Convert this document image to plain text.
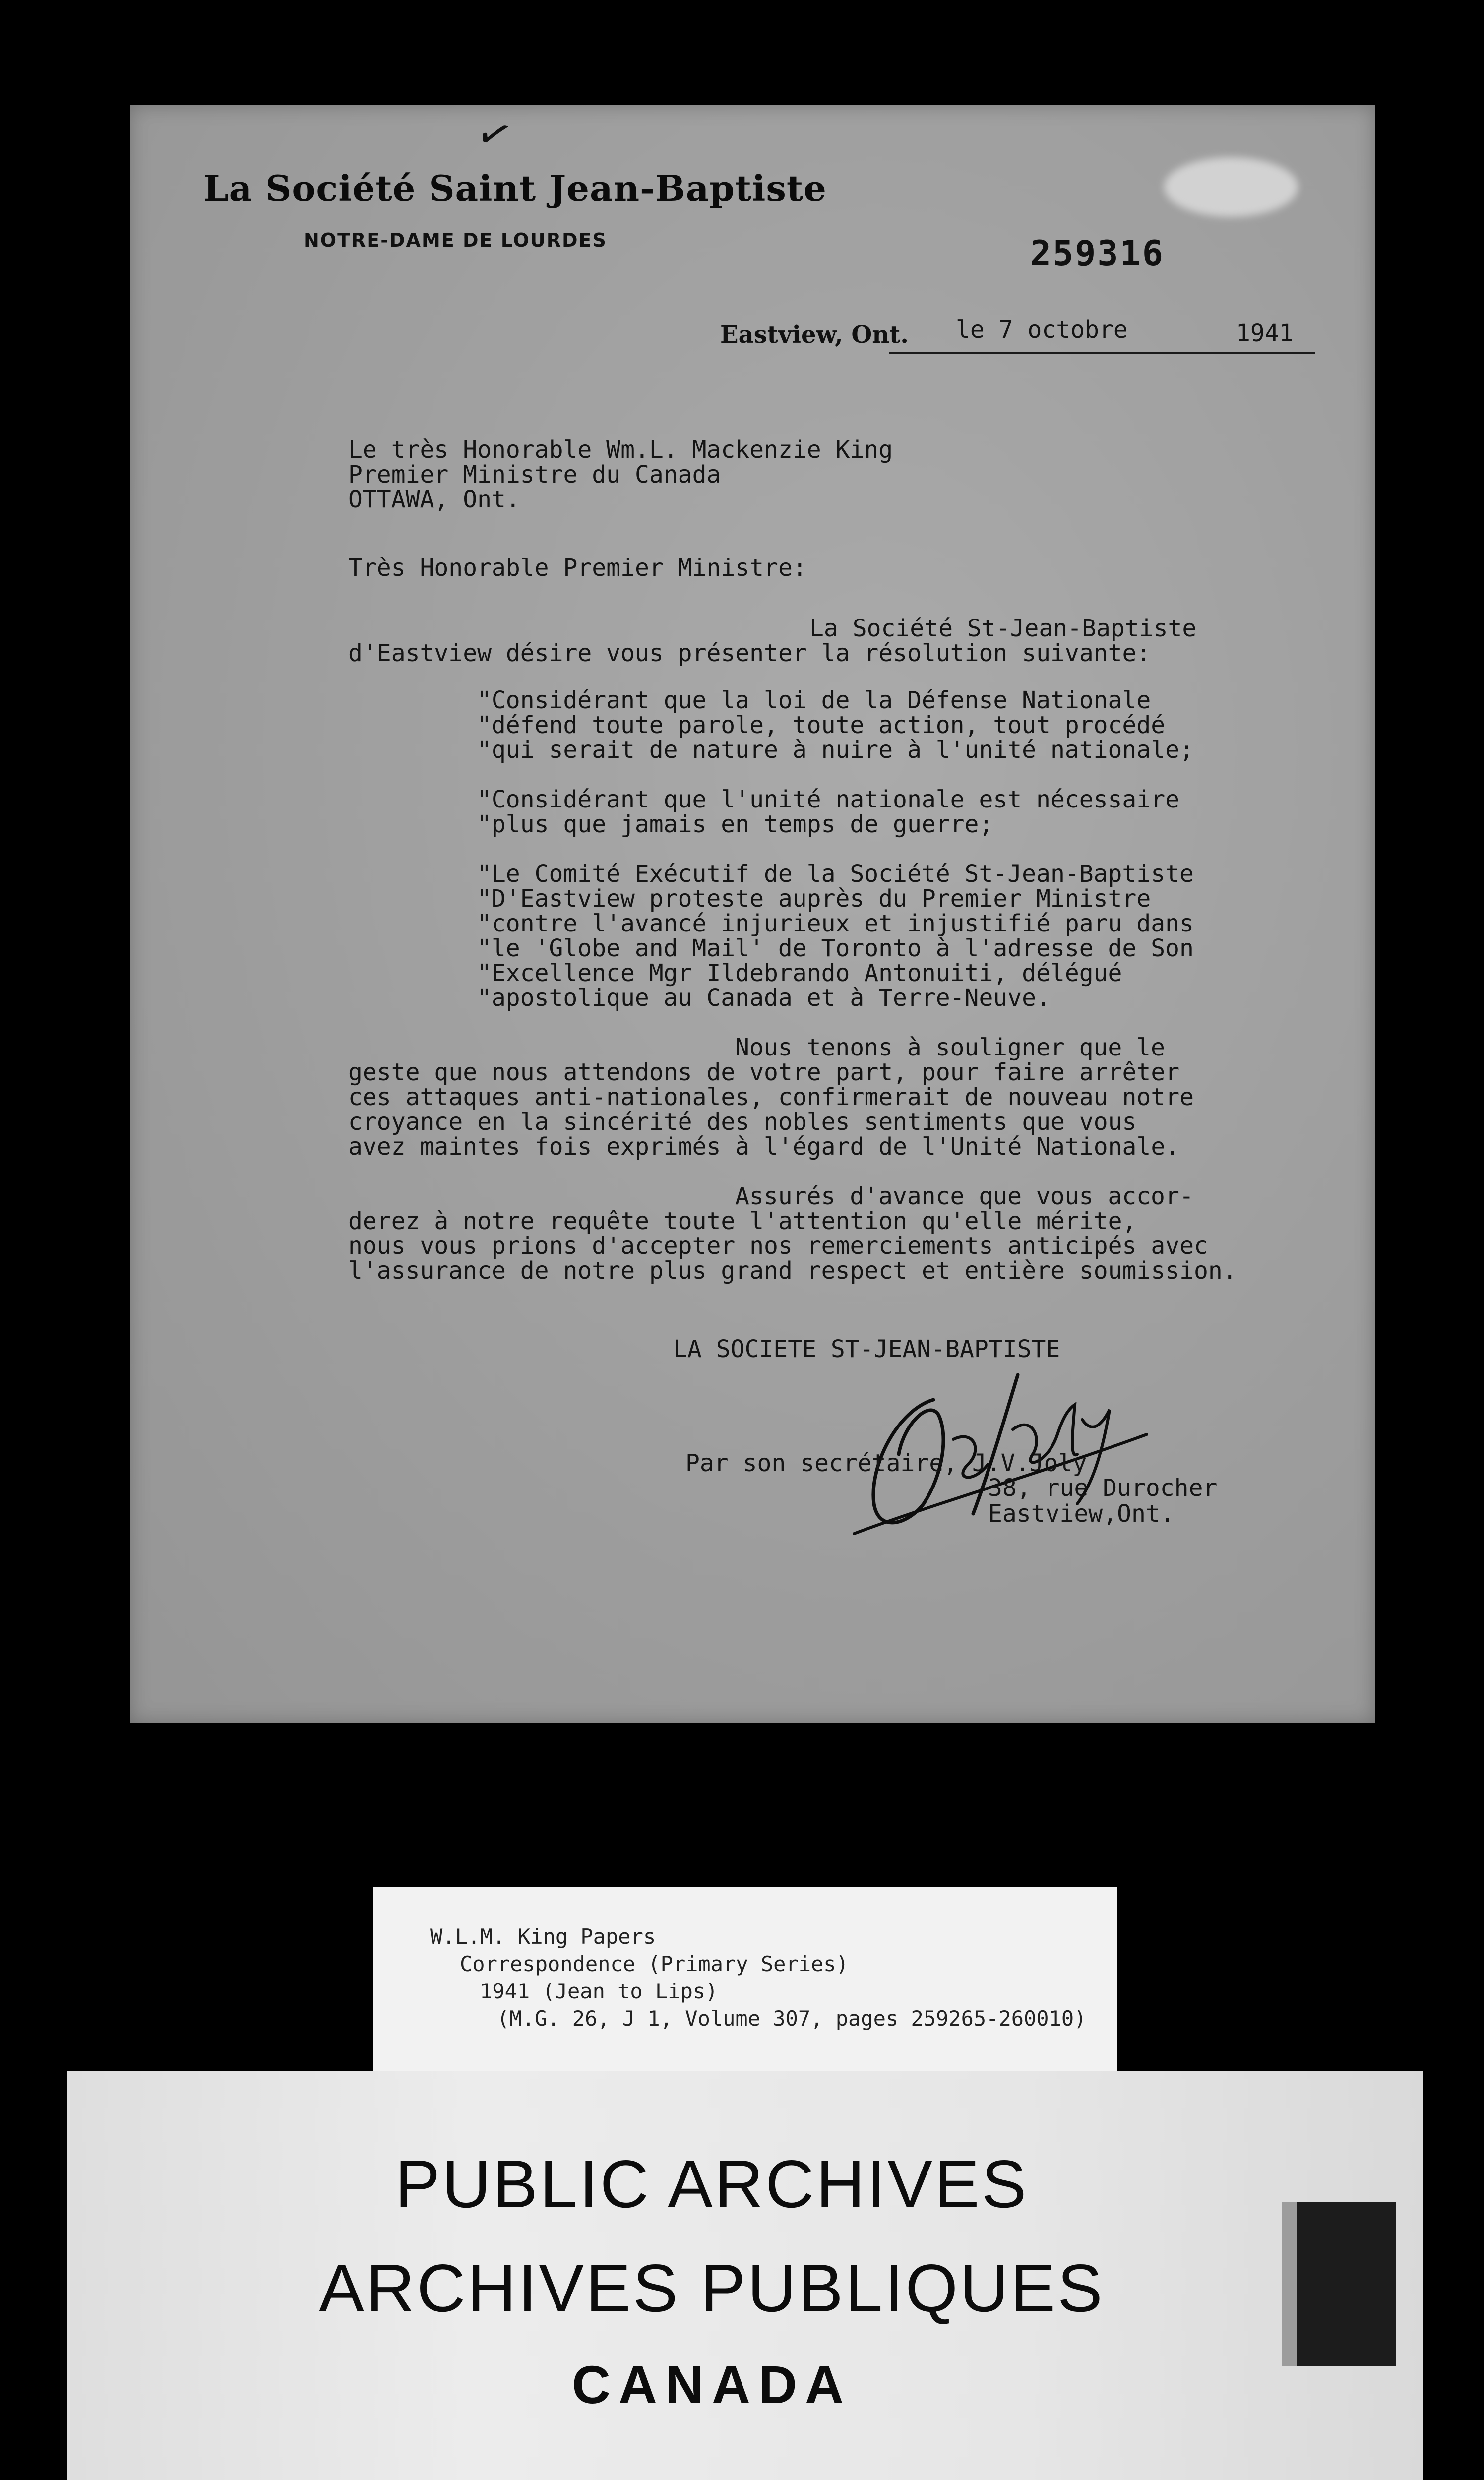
✓
La Société Saint Jean-Baptiste
NOTRE-DAME DE LOURDES	259316
Eastview, Ont. le 7 octobre	1941
Le très Honorable Wm.L. Mackenzie King
Premier Ministre du Canada
OTTAWA, Ont.
Très Honorable Premier Ministre:
La Société St-Jean-Baptiste
d'Eastview désire vous présenter la résolution suivante:
"Considérant que la loi de la Défense Nationale
"défend toute parole, toute action, tout procédé
"qui serait de nature à nuire à l'unité nationale;
"Considérant que l'unité nationale est nécessaire
"plus que jamais en temps de guerre;
"Le Comité Exécutif de la Société St-Jean-Baptiste
"D'Eastview proteste auprès du Premier Ministre
"contre l'avancé injurieux et injustifié paru dans
"le 'Globe and Mail' de Toronto à l'adresse de Son
"Excellence Mgr Ildebrando Antonuiti, délégué
"apostolique au Canada et à Terre-Neuve.
Nous tenons à souligner que le
geste que nous attendons de votre part, pour faire arrêter
ces attaques anti-nationales, confirmerait de nouveau notre
croyance en la sincérité des nobles sentiments que vous
avez maintes fois exprimés à l'égard de l'Unité Nationale.
Assurés d'avance que vous accor-
derez à notre requête toute l'attention qu'elle mérite,
nous vous prions d'accepter nos remerciements anticipés avec
l'assurance de notre plus grand respect et entière soumission.
LA SOCIETE ST-JEAN-BAPTISTE
Par son secrétaire, J.V.Joly
38, rue Durocher
Eastview,Ont.
W.L.M. King Papers
Correspondence (Primary Series)
1941 (Jean to Lips)
(M.G. 26, J 1, Volume 307, pages 259265-260010)
PUBLIC ARCHIVES
ARCHIVES PUBLIQUES
CANADA
